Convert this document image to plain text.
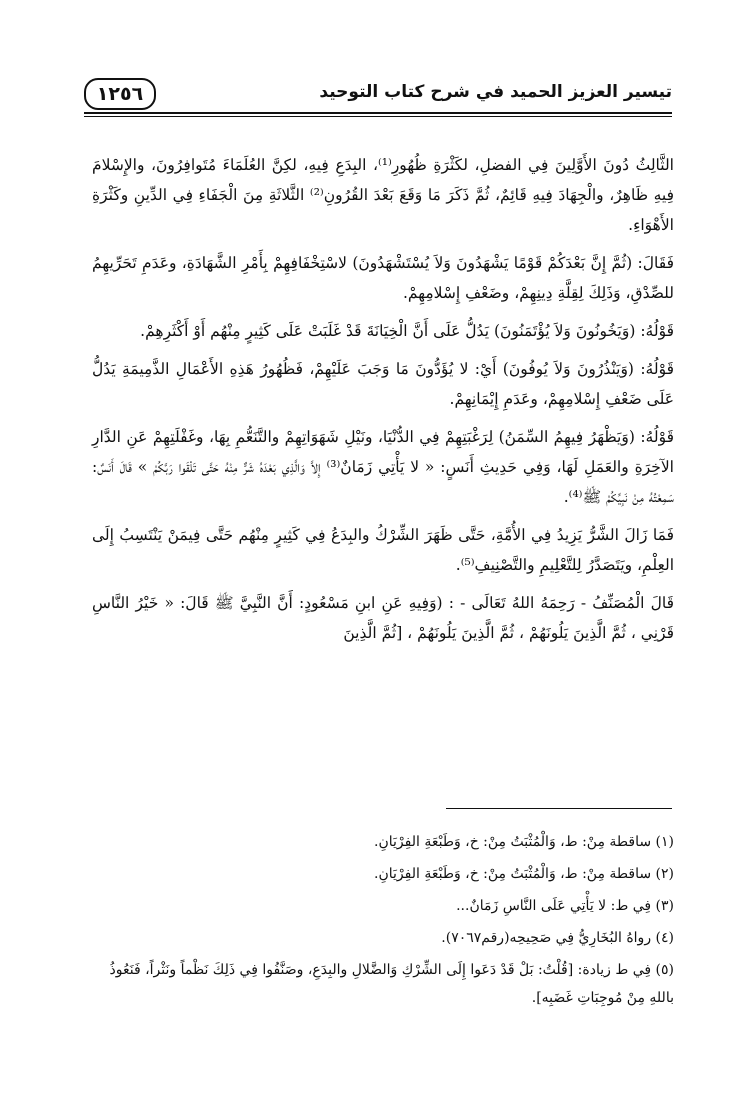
١٢٥٦	تيسير العزيز الحميد في شرح كتاب التوحيد

الثَّالِثُ دُونَ الأَوَّلِينَ فِي الفضلِ، لكَثْرَةِ ظُهُورِ⁽¹⁾، البِدَعِ فِيهِ، لكِنَّ العُلَمَاءَ مُتَوافِرُونَ، والإِسْلامَ فِيهِ ظَاهِرٌ، والْجِهَادَ فِيهِ قَائِمٌ، ثُمَّ ذَكَرَ مَا وَقَعَ بَعْدَ القُرُونِ⁽²⁾ الثَّلاثَةِ مِنَ الْجَفَاءِ فِي الدِّينِ وكَثْرَةِ الأَهْوَاءِ.

فَقَالَ: (ثُمَّ إِنَّ بَعْدَكُمْ قَوْمًا يَشْهَدُونَ وَلاَ يُسْتَشْهَدُونَ) لاسْتِخْفَافِهِمْ بِأَمْرِ الشَّهَادَةِ، وعَدَمِ تَحَرِّيهِمُ للصِّدْقِ، وَذَلِكَ لِقِلَّةِ دِينِهِمْ، وضَعْفِ إِسْلامِهِمْ.

قَوْلُهُ: (وَيَخُونُونَ وَلاَ يُؤْتَمَنُونَ) يَدُلُّ عَلَى أَنَّ الْخِيَانَةَ قَدْ غَلَبَتْ عَلَى كَثِيرٍ مِنْهُم أَوْ أَكْثَرِهِمْ.

قَوْلُهُ: (وَيَنْذُرُونَ وَلاَ يُوفُونَ) أَيْ: لا يُؤَدُّونَ مَا وَجَبَ عَلَيْهِمْ، فَظُهُورُ هَذِهِ الأَعْمَالِ الذَّمِيمَةِ يَدُلُّ عَلَى ضَعْفِ إِسْلامِهِمْ، وعَدَمِ إِيْمَانِهِمْ.

قَوْلُهُ: (وَيَظْهَرُ فِيهِمُ السِّمَنُ) لِرَغْبَتِهِمْ فِي الدُّنْيَا، ونَيْلِ شَهَوَاتِهِمْ والتَّنَعُّمِ بِهَا، وغَفْلَتِهِمْ عَنِ الدَّارِ الآخِرَةِ والعَمَلِ لَهَا، وَفِي حَدِيثِ أَنَسٍ: « لا يَأْتِي زَمَانٌ⁽³⁾ إِلاَّ وَالَّذِي بَعْدَهُ شَرٌّ مِنْهُ حَتَّى تَلْقَوا رَبَّكُمْ » قَالَ أَنَسٌ: سَمِعْتُهُ مِنْ نَبِيِّكُمْ ﷺ⁽⁴⁾.

فَمَا زَالَ الشَّرُّ يَزِيدُ فِي الأُمَّةِ، حَتَّى ظَهَرَ الشِّرْكُ والبِدَعُ فِي كَثِيرٍ مِنْهُم حَتَّى فِيمَنْ يَنْتَسِبُ إِلَى العِلْمِ، ويَتَصَدَّرُ لِلتَّعْلِيمِ والتَّصْنِيفِ⁽⁵⁾.

قَالَ الْمُصَنِّفُ - رَحِمَهُ اللهُ تَعَالَى - : (وَفِيهِ عَنِ ابنِ مَسْعُودٍ: أَنَّ النَّبِيَّ ﷺ قَالَ: « خَيْرُ النَّاسِ قَرْنِي ، ثُمَّ الَّذِينَ يَلُونَهُمْ ، ثُمَّ الَّذِينَ يَلُونَهُمْ ، [ثُمَّ الَّذِينَ

(١) ساقطة مِنْ: ط، وَالْمُثْبَتُ مِنْ: خ، وَطَبْعَةِ الفِرْيَانِ.

(٢) ساقطة مِنْ: ط، وَالْمُثْبَتُ مِنْ: خ، وَطَبْعَةِ الفِرْيَانِ.

(٣) فِي ط: لا يَأْتِي عَلَى النَّاسِ زَمَانٌ...

(٤) رواهُ البُخَارِيُّ فِي صَحِيحِه(رقم٧٠٦٧).

(٥) فِي ط زيادة: [قُلْتُ: بَلْ قَدْ دَعَوا إِلَى الشِّرْكِ وَالضَّلالِ والبِدَعِ، وصَنَّفُوا فِي ذَلِكَ نَظْماً ونَثْراً، فَنَعُوذُ باللهِ مِنْ مُوجِبَاتِ غَضَبِه].
